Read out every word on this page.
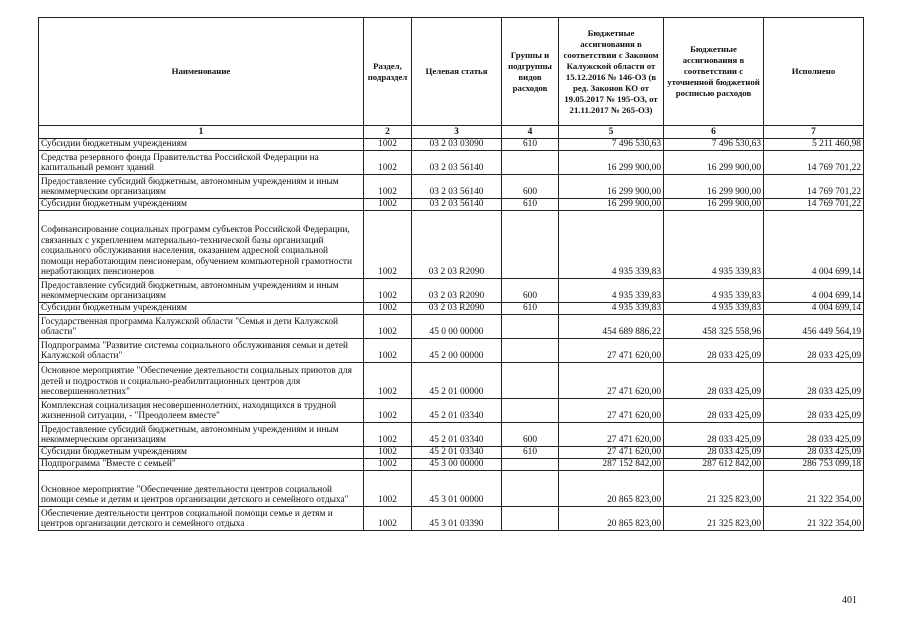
Наименование	Раздел, подраздел	Целевая статья	Группы и подгруппы видов расходов	Бюджетные ассигнования в соответствии с Законом Калужской области от 15.12.2016 № 146-ОЗ (в ред. Законов КО от 19.05.2017 № 195-ОЗ, от 21.11.2017 № 265-ОЗ)	Бюджетные ассигнования в соответствии с уточненной бюджетной росписью расходов	Исполнено
1	2	3	4	5	6	7
Субсидии бюджетным учреждениям	1002	03 2 03 03090	610	7 496 530,63	7 496 530,63	5 211 460,98
Средства резервного фонда Правительства Российской Федерации на капитальный ремонт зданий	1002	03 2 03 56140		16 299 900,00	16 299 900,00	14 769 701,22
Предоставление субсидий бюджетным, автономным учреждениям и иным некоммерческим организациям	1002	03 2 03 56140	600	16 299 900,00	16 299 900,00	14 769 701,22
Субсидии бюджетным учреждениям	1002	03 2 03 56140	610	16 299 900,00	16 299 900,00	14 769 701,22
Софинансирование социальных программ субъектов Российской Федерации, связанных с укреплением материально-технической базы организаций социального обслуживания населения, оказанием адресной социальной помощи неработающим пенсионерам, обучением компьютерной грамотности неработающих пенсионеров	1002	03 2 03 R2090		4 935 339,83	4 935 339,83	4 004 699,14
Предоставление субсидий бюджетным, автономным учреждениям и иным некоммерческим организациям	1002	03 2 03 R2090	600	4 935 339,83	4 935 339,83	4 004 699,14
Субсидии бюджетным учреждениям	1002	03 2 03 R2090	610	4 935 339,83	4 935 339,83	4 004 699,14
Государственная программа Калужской области "Семья и дети Калужской области"	1002	45 0 00 00000		454 689 886,22	458 325 558,96	456 449 564,19
Подпрограмма "Развитие системы социального обслуживания семьи и детей Калужской области"	1002	45 2 00 00000		27 471 620,00	28 033 425,09	28 033 425,09
Основное мероприятие "Обеспечение деятельности социальных приютов для детей и подростков и социально-реабилитационных центров для несовершеннолетних"	1002	45 2 01 00000		27 471 620,00	28 033 425,09	28 033 425,09
Комплексная социализация несовершеннолетних, находящихся в трудной жизненной ситуации, - "Преодолеем вместе"	1002	45 2 01 03340		27 471 620,00	28 033 425,09	28 033 425,09
Предоставление субсидий бюджетным, автономным учреждениям и иным некоммерческим организациям	1002	45 2 01 03340	600	27 471 620,00	28 033 425,09	28 033 425,09
Субсидии бюджетным учреждениям	1002	45 2 01 03340	610	27 471 620,00	28 033 425,09	28 033 425,09
Подпрограмма "Вместе с семьей"	1002	45 3 00 00000		287 152 842,00	287 612 842,00	286 753 099,18
Основное мероприятие "Обеспечение деятельности центров социальной помощи семье и детям и центров организации детского и семейного отдыха"	1002	45 3 01 00000		20 865 823,00	21 325 823,00	21 322 354,00
Обеспечение деятельности центров социальной помощи семье и детям и центров организации детского и семейного отдыха	1002	45 3 01 03390		20 865 823,00	21 325 823,00	21 322 354,00
401
